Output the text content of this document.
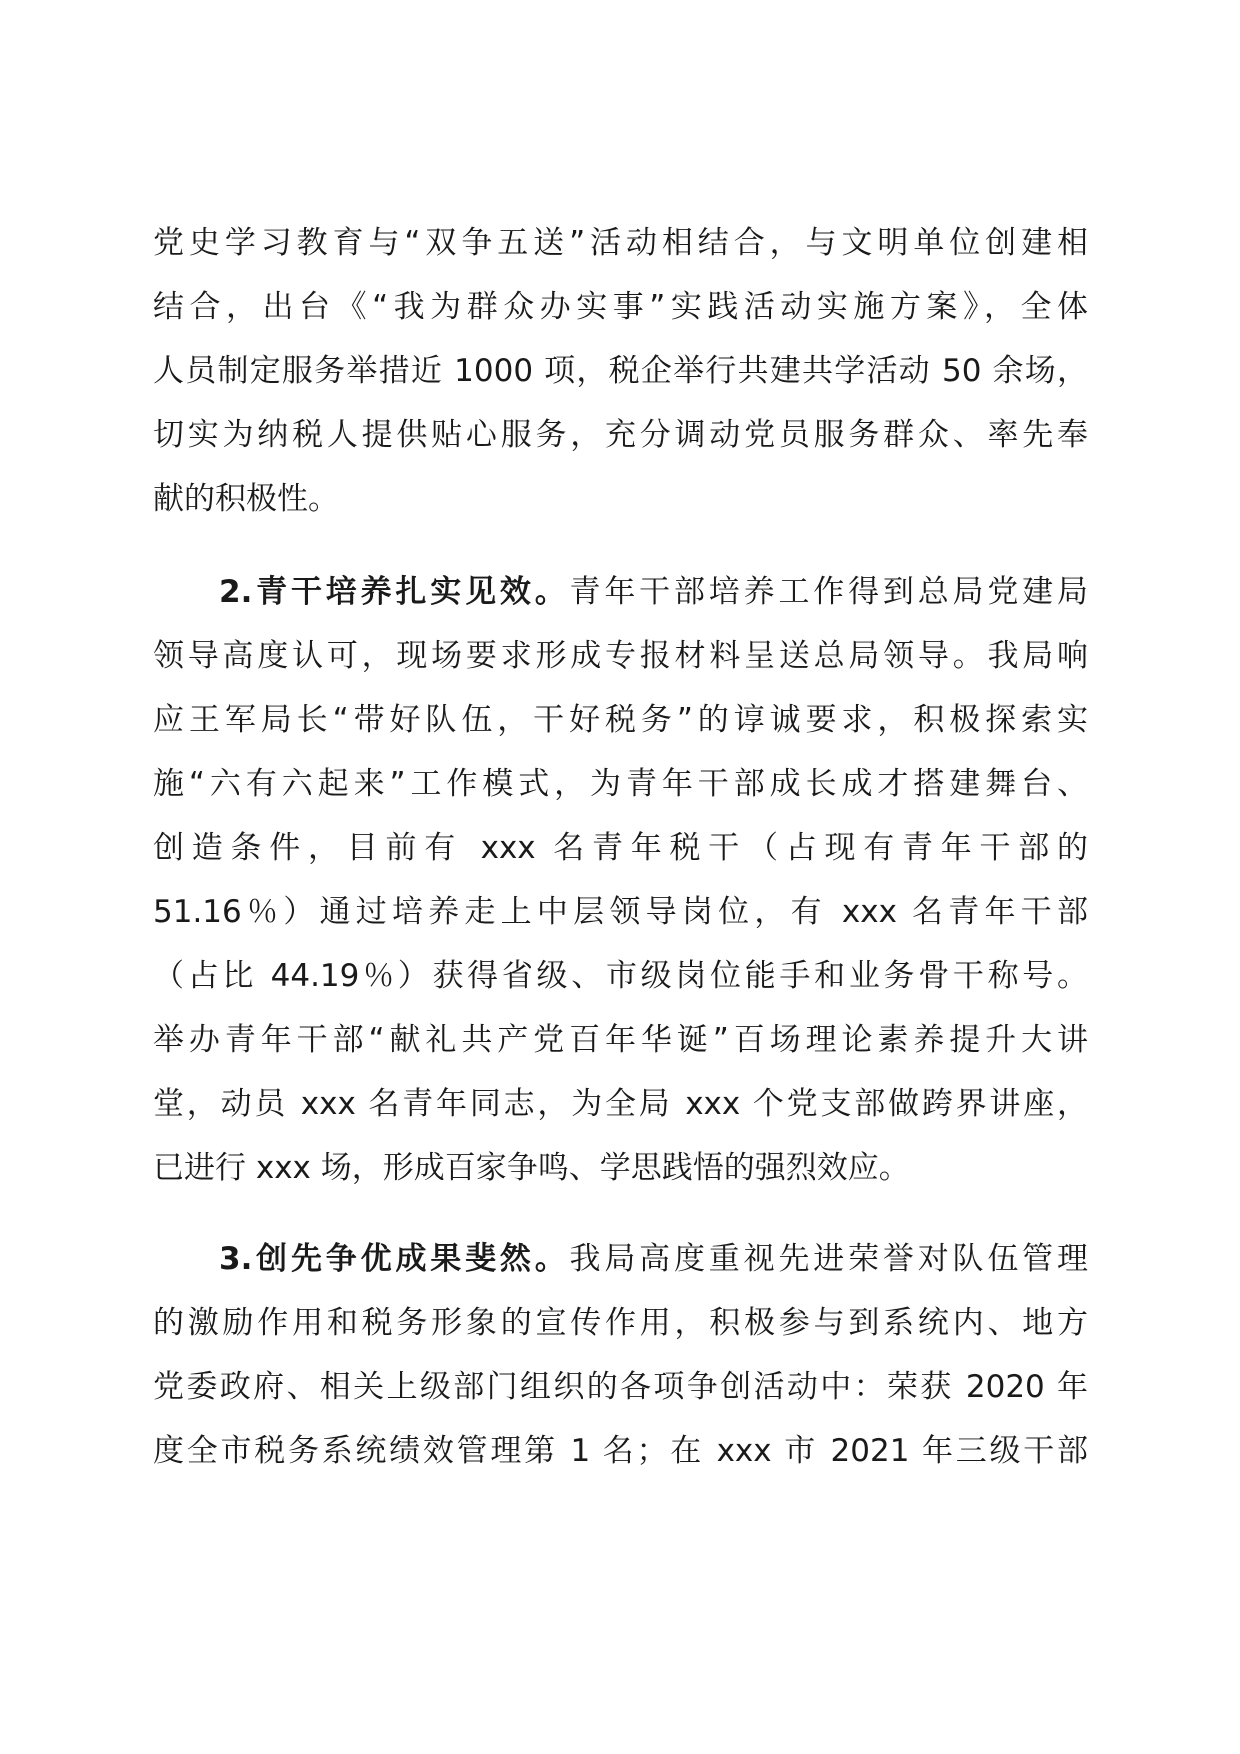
党史学习教育与“双争五送”活动相结合，与文明单位创建相
结合，出台《“我为群众办实事”实践活动实施方案》，全体
人员制定服务举措近 1000 项，税企举行共建共学活动 50 余场，
切实为纳税人提供贴心服务，充分调动党员服务群众、率先奉
献的积极性。
2.青干培养扎实见效。青年干部培养工作得到总局党建局
领导高度认可，现场要求形成专报材料呈送总局领导。我局响
应王军局长“带好队伍，干好税务”的谆诚要求，积极探索实
施“六有六起来”工作模式，为青年干部成长成才搭建舞台、
创造条件，目前有 xxx 名青年税干（占现有青年干部的
51.16％）通过培养走上中层领导岗位，有 xxx 名青年干部
（占比 44.19％）获得省级、市级岗位能手和业务骨干称号。
举办青年干部“献礼共产党百年华诞”百场理论素养提升大讲
堂，动员 xxx 名青年同志，为全局 xxx 个党支部做跨界讲座，
已进行 xxx 场，形成百家争鸣、学思践悟的强烈效应。
3.创先争优成果斐然。我局高度重视先进荣誉对队伍管理
的激励作用和税务形象的宣传作用，积极参与到系统内、地方
党委政府、相关上级部门组织的各项争创活动中：荣获 2020 年
度全市税务系统绩效管理第 1 名；在 xxx 市 2021 年三级干部
